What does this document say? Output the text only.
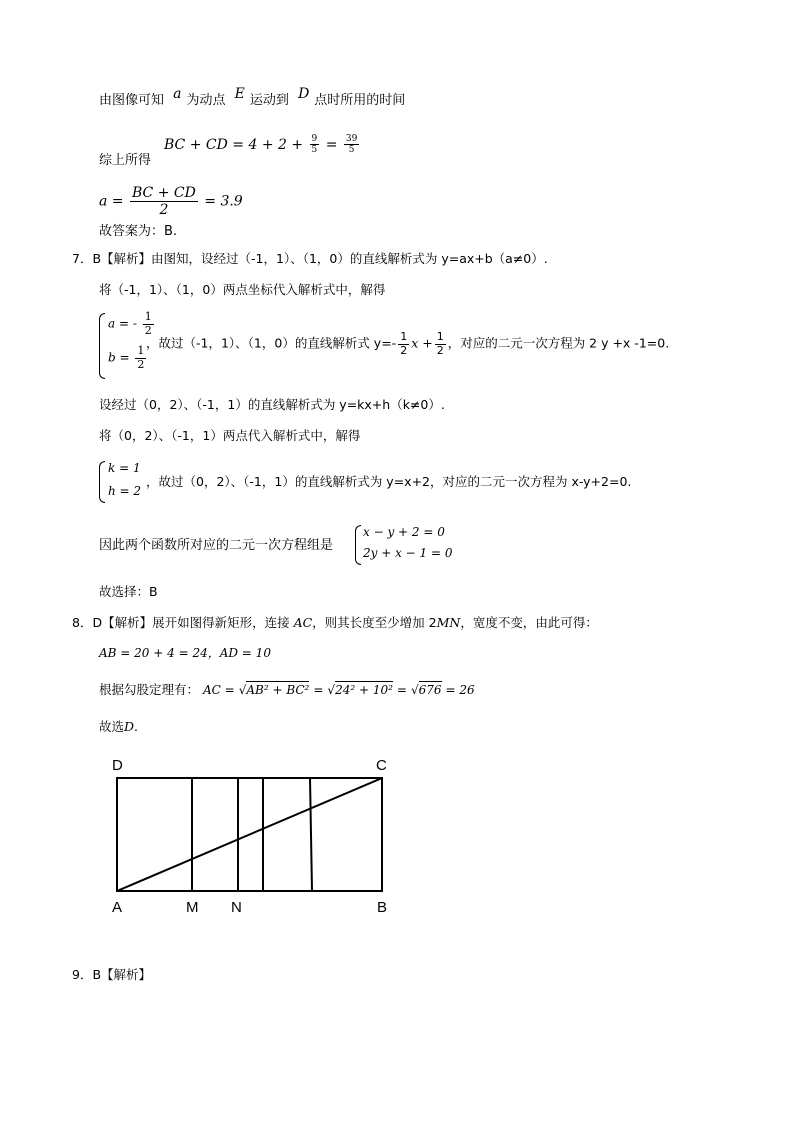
由图像可知 a 为动点 E 运动到 D 点时所用的时间
BC + CD = $4 + 2 + \frac{9}{5} = \frac{39}{5}$
综上所得
$a = \frac{BC + CD}{2} = 3.9$
故答案为：B.
7．B【解析】由图知，设经过（-1，1）、（1，0）的直线解析式为 y=ax+b（a≠0）.
将（-1，1）、（1，0）两点坐标代入解析式中，解得
a = - $\frac{1}{2}$
$b = \frac{1}{2}$
，故过（-1，1）、（1，0）的直线解析式 $y=- \frac{1}{2}$ $x + \frac{1}{2}$ ，对应的二元一次方程为 2 y +x -1=0.
设经过（0，2）、（-1，1）的直线解析式为 y=kx+h（k≠0）.
将（0，2）、（-1，1）两点代入解析式中，解得
k = 1
h = 2
，故过（0，2）、（-1，1）的直线解析式为 y=x+2，对应的二元一次方程为 x-y+2=0.
因此两个函数所对应的二元一次方程组是
x − y + 2 = 0
2y + x − 1 = 0
故选择：B
8．D【解析】展开如图得新矩形，连接 AC，则其长度至少增加 2MN，宽度不变，由此可得：
AB = 20 + 4 = 24，AD = 10
根据勾股定理有： AC = √AB² + BC² = √24² + 10² = √676 = 26
故选D.
D	C
A	M N	B
9．B【解析】
